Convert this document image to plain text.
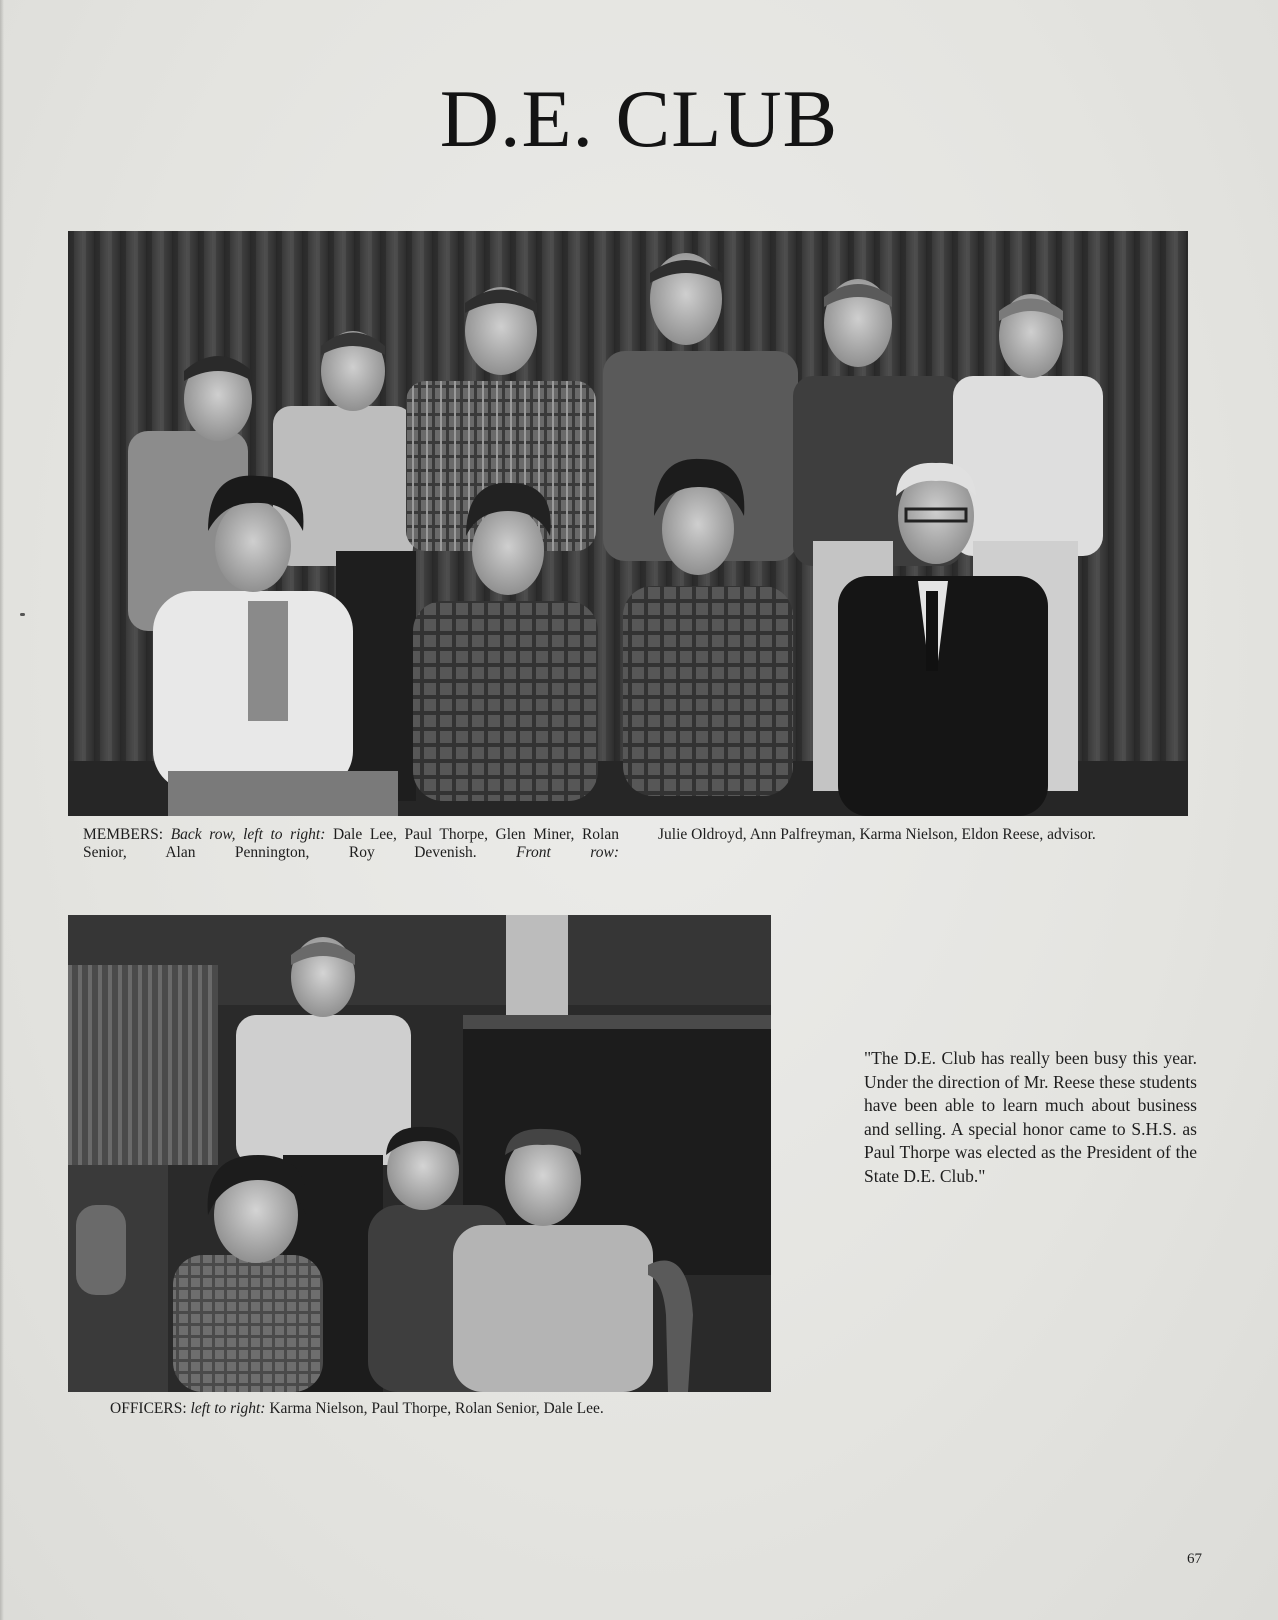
D.E. CLUB
MEMBERS: Back row, left to right: Dale Lee, Paul Thorpe, Glen Miner, Rolan Senior, Alan Pennington, Roy Devenish. Front row:
Julie Oldroyd, Ann Palfreyman, Karma Nielson, Eldon Reese, advisor.
OFFICERS: left to right: Karma Nielson, Paul Thorpe, Rolan Senior, Dale Lee.
"The D.E. Club has really been busy this year. Under the direction of Mr. Reese these students have been able to learn much about business and selling. A special honor came to S.H.S. as Paul Thorpe was elected as the President of the State D.E. Club."
67
